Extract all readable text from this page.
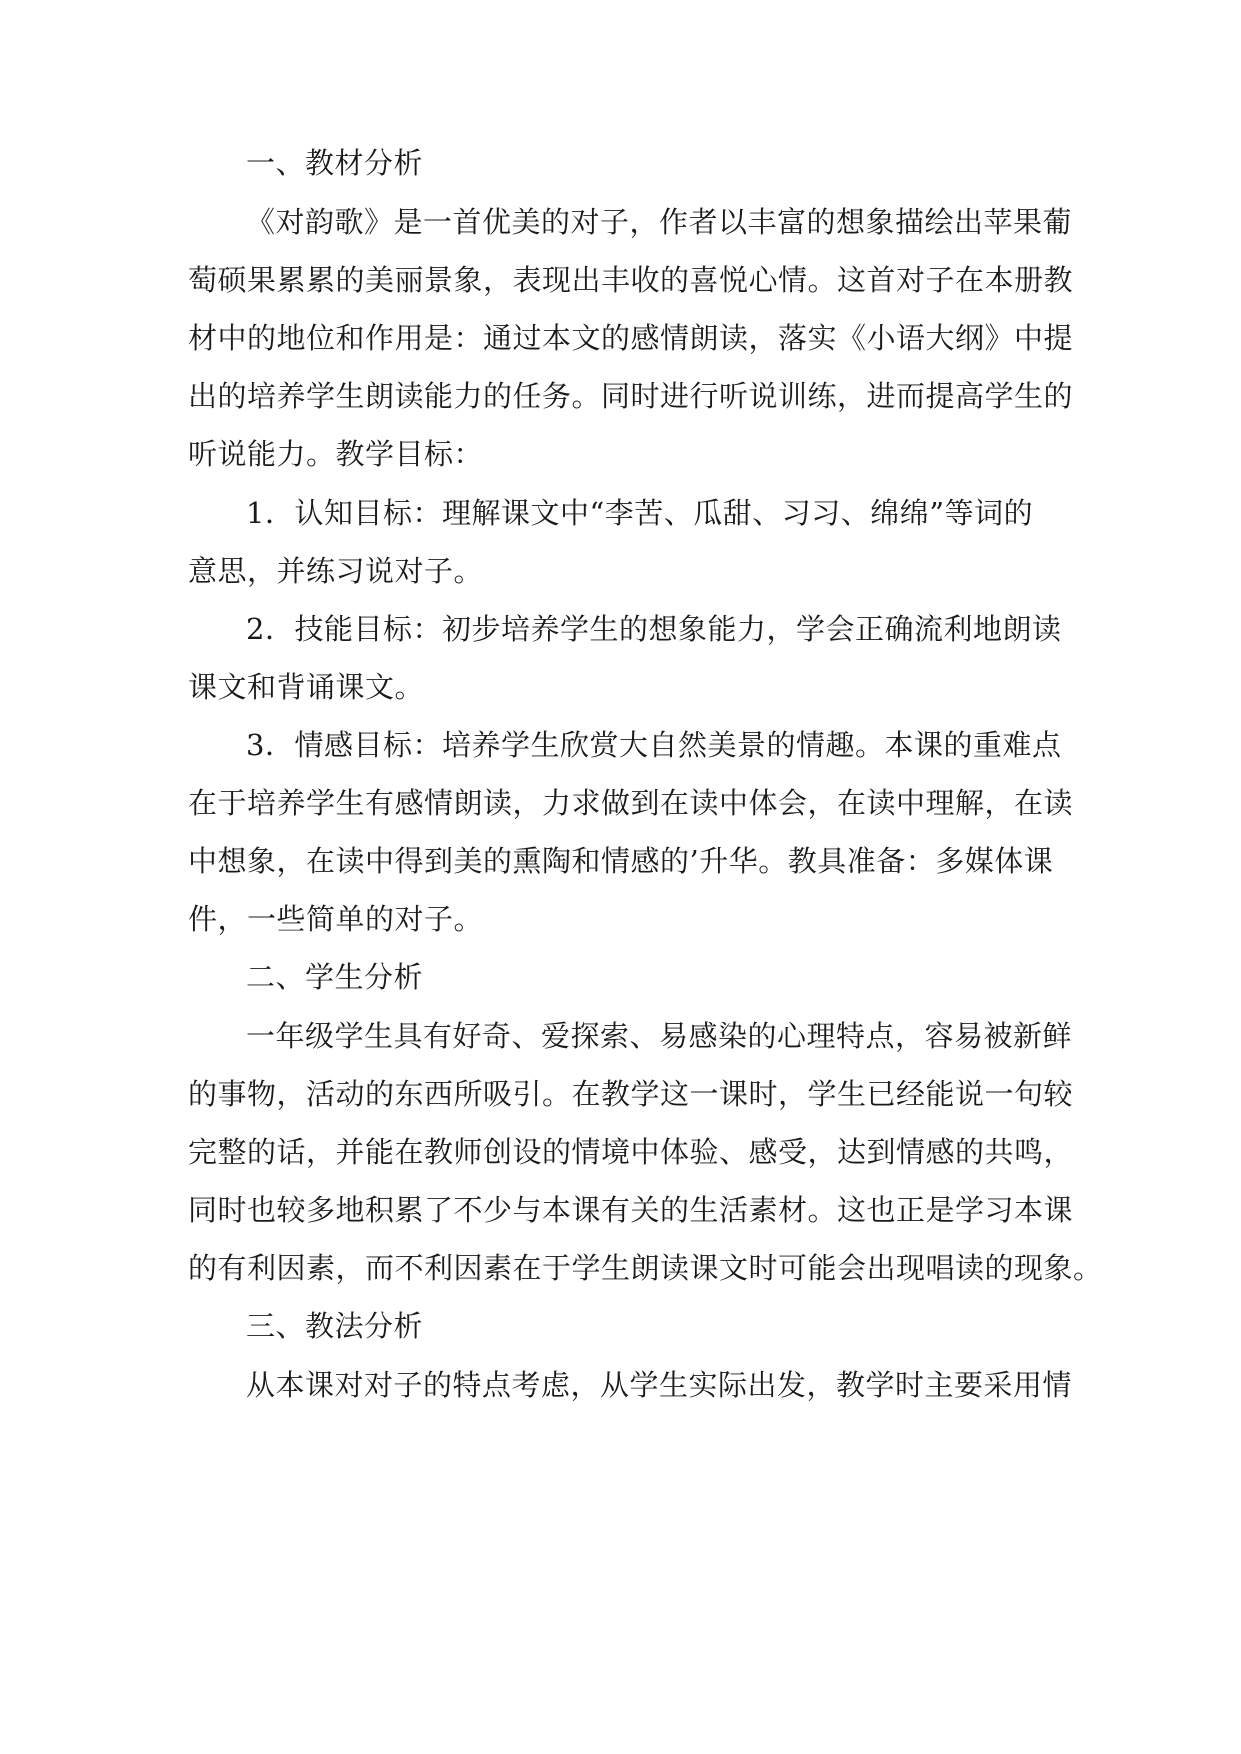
一、教材分析
《对韵歌》是一首优美的对子，作者以丰富的想象描绘出苹果葡
萄硕果累累的美丽景象，表现出丰收的喜悦心情。这首对子在本册教
材中的地位和作用是：通过本文的感情朗读，落实《小语大纲》中提
出的培养学生朗读能力的任务。同时进行听说训练，进而提高学生的
听说能力。教学目标：
1．认知目标：理解课文中“李苦、瓜甜、习习、绵绵”等词的
意思，并练习说对子。
2．技能目标：初步培养学生的想象能力，学会正确流利地朗读
课文和背诵课文。
3．情感目标：培养学生欣赏大自然美景的情趣。本课的重难点
在于培养学生有感情朗读，力求做到在读中体会，在读中理解，在读
中想象，在读中得到美的熏陶和情感的’升华。教具准备：多媒体课
件，一些简单的对子。
二、学生分析
一年级学生具有好奇、爱探索、易感染的心理特点，容易被新鲜
的事物，活动的东西所吸引。在教学这一课时，学生已经能说一句较
完整的话，并能在教师创设的情境中体验、感受，达到情感的共鸣，
同时也较多地积累了不少与本课有关的生活素材。这也正是学习本课
的有利因素，而不利因素在于学生朗读课文时可能会出现唱读的现象。
三、教法分析
从本课对对子的特点考虑，从学生实际出发，教学时主要采用情
